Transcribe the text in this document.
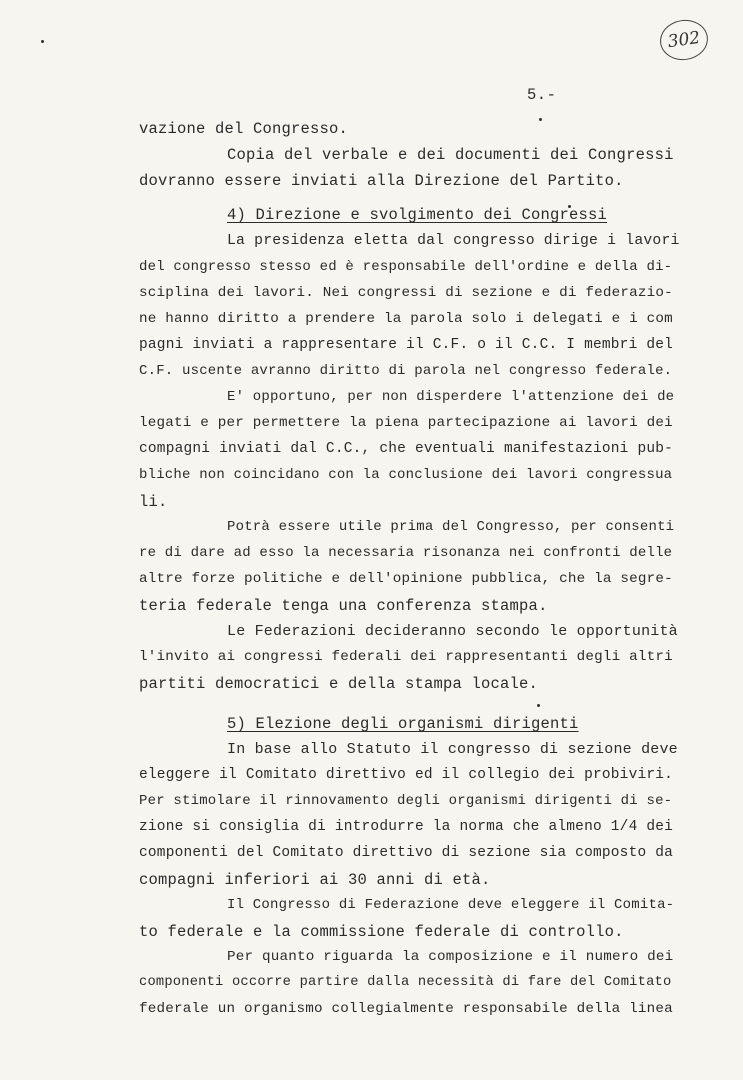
302
5.-
vazione del Congresso.
Copia del verbale e dei documenti dei Congressi
dovranno essere inviati alla Direzione del Partito.
4) Direzione e svolgimento dei Congressi
La presidenza eletta dal congresso dirige i lavori
del congresso stesso ed è responsabile dell'ordine e della di-
sciplina dei lavori. Nei congressi di sezione e di federazio-
ne hanno diritto a prendere la parola solo i delegati e i com
pagni inviati a rappresentare il C.F. o il C.C. I membri del
C.F. uscente avranno diritto di parola nel congresso federale.
E' opportuno, per non disperdere l'attenzione dei de
legati e per permettere la piena partecipazione ai lavori dei
compagni inviati dal C.C., che eventuali manifestazioni pub-
bliche non coincidano con la conclusione dei lavori congressua
li.
Potrà essere utile prima del Congresso, per consenti
re di dare ad esso la necessaria risonanza nei confronti delle
altre forze politiche e dell'opinione pubblica, che la segre-
teria federale tenga una conferenza stampa.
Le Federazioni decideranno secondo le opportunità
l'invito ai congressi federali dei rappresentanti degli altri
partiti democratici e della stampa locale.
5) Elezione degli organismi dirigenti
In base allo Statuto il congresso di sezione deve
eleggere il Comitato direttivo ed il collegio dei probiviri.
Per stimolare il rinnovamento degli organismi dirigenti di se-
zione si consiglia di introdurre la norma che almeno 1/4 dei
componenti del Comitato direttivo di sezione sia composto da
compagni inferiori ai 30 anni di età.
Il Congresso di Federazione deve eleggere il Comita-
to federale e la commissione federale di controllo.
Per quanto riguarda la composizione e il numero dei
componenti occorre partire dalla necessità di fare del Comitato
federale un organismo collegialmente responsabile della linea
